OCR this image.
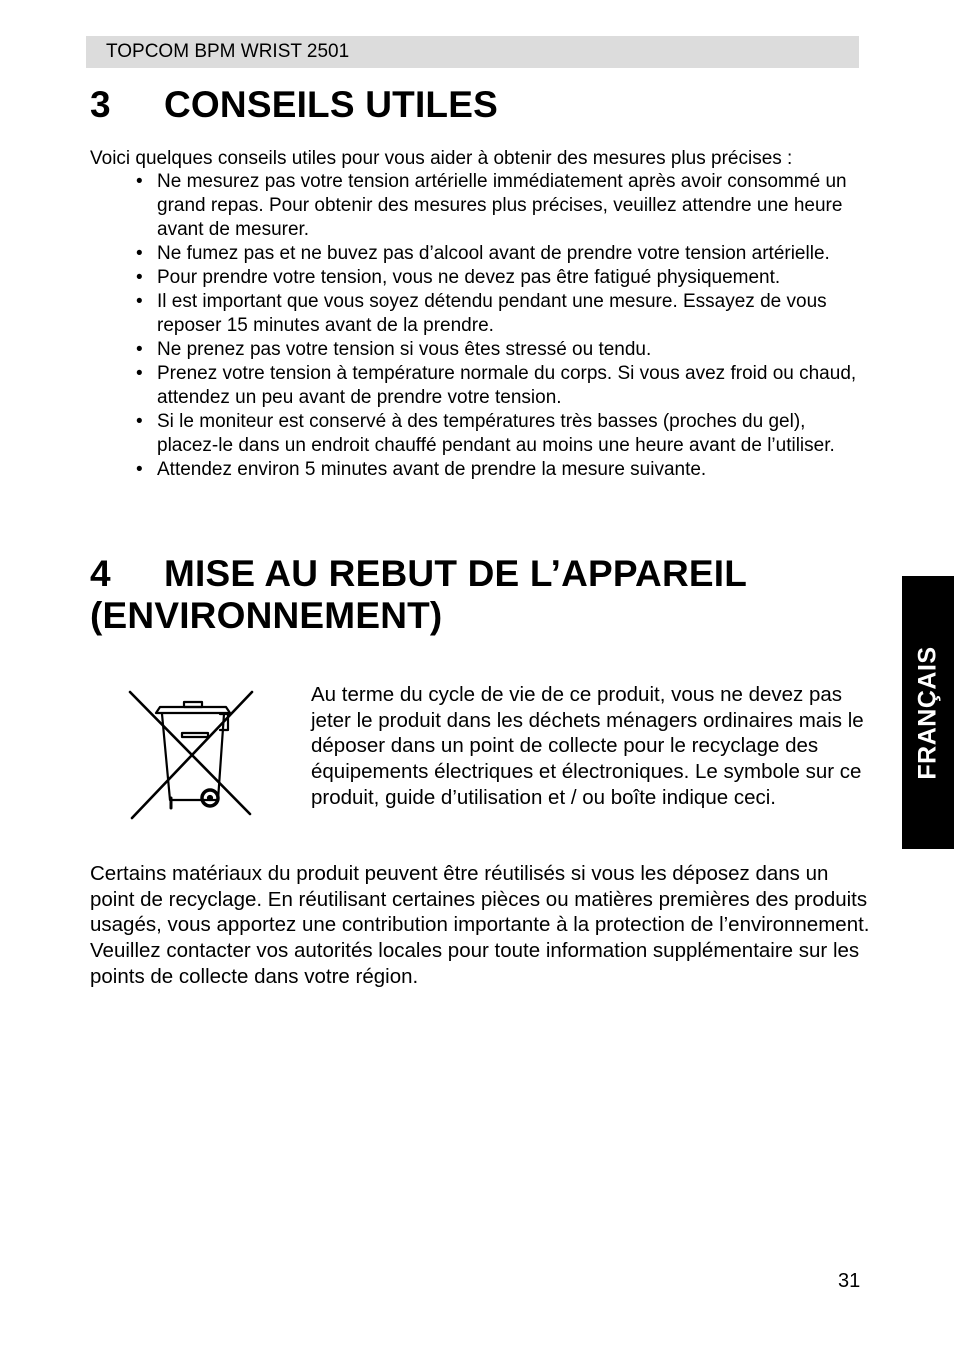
TOPCOM BPM WRIST 2501
3 CONSEILS UTILES
Voici quelques conseils utiles pour vous aider à obtenir des mesures plus précises :
• Ne mesurez pas votre tension artérielle immédiatement après avoir consommé un grand repas. Pour obtenir des mesures plus précises, veuillez attendre une heure avant de mesurer.
• Ne fumez pas et ne buvez pas d’alcool avant de prendre votre tension artérielle.
• Pour prendre votre tension, vous ne devez pas être fatigué physiquement.
• Il est important que vous soyez détendu pendant une mesure. Essayez de vous reposer 15 minutes avant de la prendre.
• Ne prenez pas votre tension si vous êtes stressé ou tendu.
• Prenez votre tension à température normale du corps. Si vous avez froid ou chaud, attendez un peu avant de prendre votre tension.
• Si le moniteur est conservé à des températures très basses (proches du gel), placez-le dans un endroit chauffé pendant au moins une heure avant de l’utiliser.
• Attendez environ 5 minutes avant de prendre la mesure suivante.
4 MISE AU REBUT DE L’APPAREIL
(ENVIRONNEMENT)

Au terme du cycle de vie de ce produit, vous ne devez pas jeter le produit dans les déchets ménagers ordinaires mais le déposer dans un point de collecte pour le recyclage des équipements électriques et électroniques. Le symbole sur ce produit, guide d’utilisation et / ou boîte indique ceci.

Certains matériaux du produit peuvent être réutilisés si vous les déposez dans un point de recyclage. En réutilisant certaines pièces ou matières premières des produits usagés, vous apportez une contribution importante à la protection de l’environnement.
Veuillez contacter vos autorités locales pour toute information supplémentaire sur les points de collecte dans votre région.
FRANÇAIS
31
